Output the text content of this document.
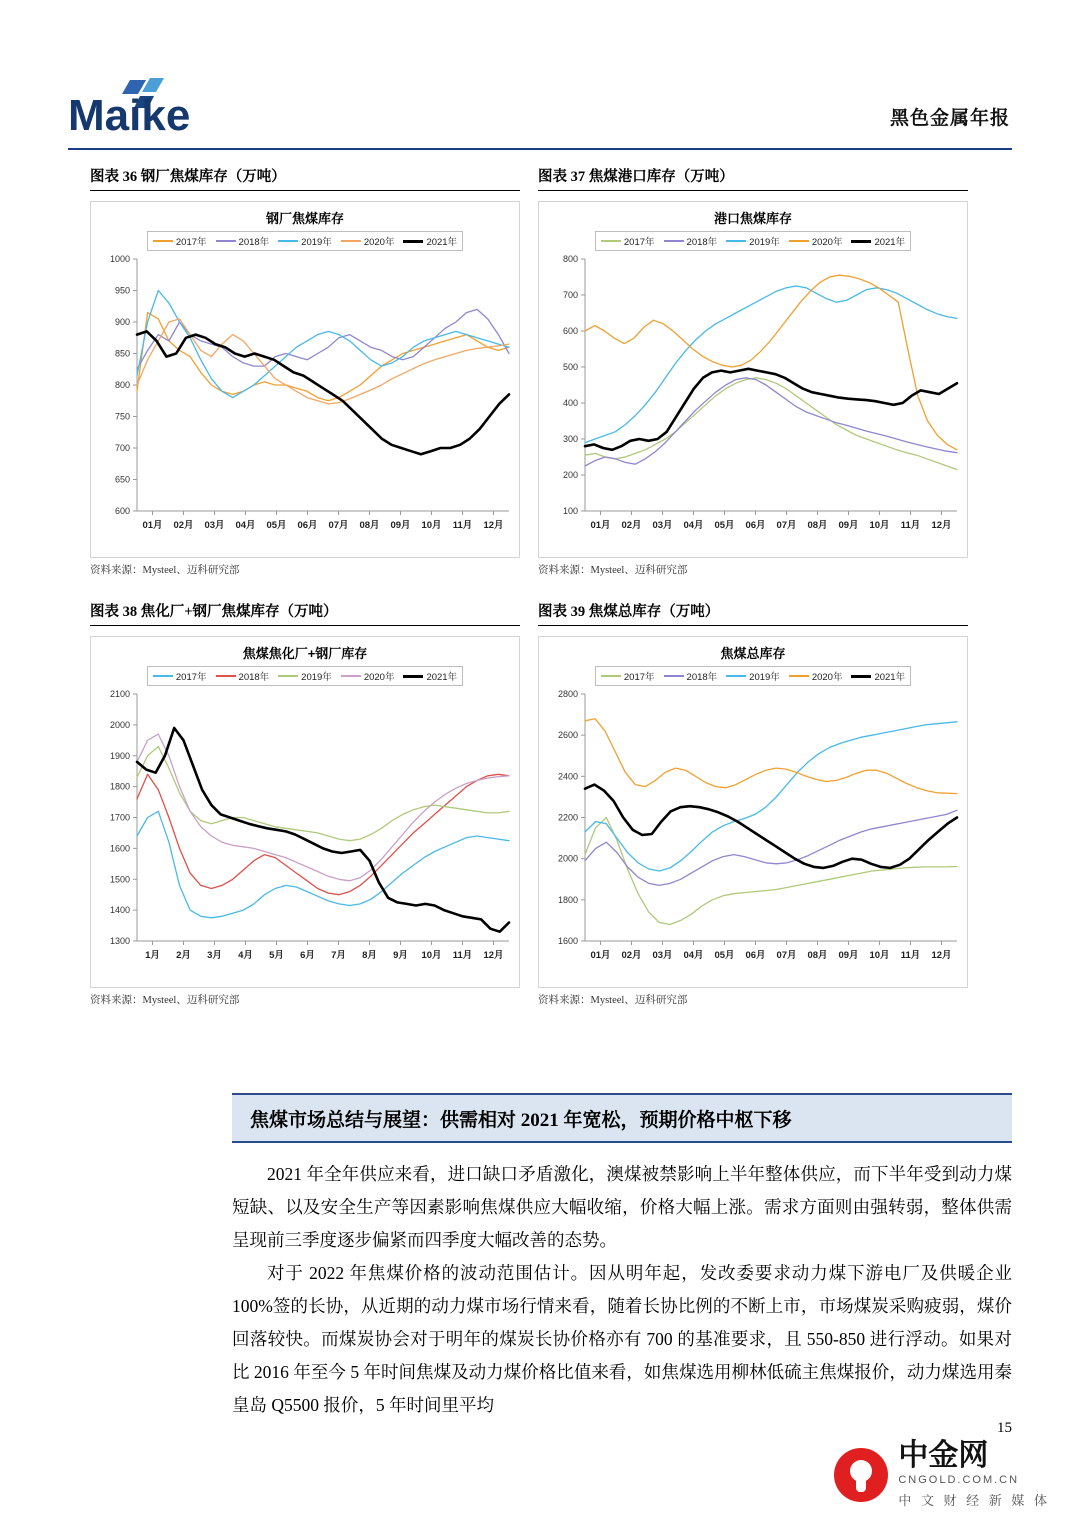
Maike	黑色金属年报
图表 36 钢厂焦煤库存（万吨）
钢厂焦煤库存
2017年	2018年	2019年	2020年	2021年
600
650
700
750
800
850
900
950
1000
01月 02月 03月 04月 05月 06月 07月 08月 09月 10月 11月 12月
资料来源：Mysteel、迈科研究部
图表 37 焦煤港口库存（万吨）
港口焦煤库存
2017年	2018年	2019年	2020年	2021年
100
200
300
400
500
600
700
800
01月 02月 03月 04月 05月 06月 07月 08月 09月 10月 11月 12月
资料来源：Mysteel、迈科研究部
图表 38 焦化厂+钢厂焦煤库存（万吨）
焦煤焦化厂+钢厂库存
2017年	2018年	2019年	2020年	2021年
1300
1400
1500
1600
1700
1800
1900
2000
2100
1月 2月 3月 4月 5月 6月 7月 8月 9月 10月 11月 12月
资料来源：Mysteel、迈科研究部
图表 39 焦煤总库存（万吨）
焦煤总库存
2017年	2018年	2019年	2020年	2021年
1600
1800
2000
2200
2400
2600
2800
01月 02月 03月 04月 05月 06月 07月 08月 09月 10月 11月 12月
资料来源：Mysteel、迈科研究部
焦煤市场总结与展望：供需相对 2021 年宽松，预期价格中枢下移

2021 年全年供应来看，进口缺口矛盾激化，澳煤被禁影响上半年整体供应，而下半年受到动力煤短缺、以及安全生产等因素影响焦煤供应大幅收缩，价格大幅上涨。需求方面则由强转弱，整体供需呈现前三季度逐步偏紧而四季度大幅改善的态势。

对于 2022 年焦煤价格的波动范围估计。因从明年起，发改委要求动力煤下游电厂及供暖企业 100%签的长协，从近期的动力煤市场行情来看，随着长协比例的不断上市，市场煤炭采购疲弱，煤价回落较快。而煤炭协会对于明年的煤炭长协价格亦有 700 的基准要求，且 550-850 进行浮动。如果对比 2016 年至今 5 年时间焦煤及动力煤价格比值来看，如焦煤选用柳林低硫主焦煤报价，动力煤选用秦皇岛 Q5500 报价，5 年时间里平均

15
中金网
CNGOLD.COM.CN
中 文 财 经 新 媒 体
